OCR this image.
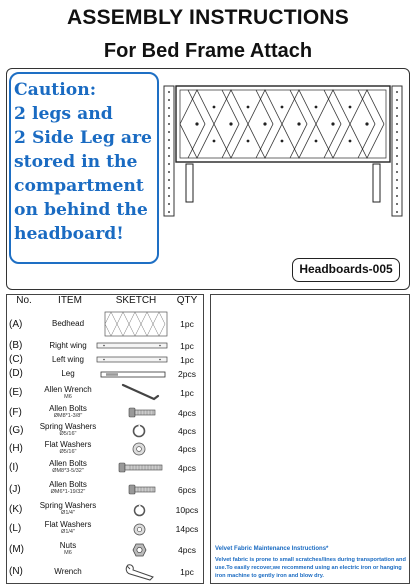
ASSEMBLY INSTRUCTIONS
For Bed Frame Attach
Caution:
2 legs and
2 Side Leg are
stored in the
compartment
on behind the
headboard!
Headboards-005
No.	ITEM	SKETCH	QTY
(A)	Bedhead	1pc
(B)	Right wing	1pc
(C)	Left wing	1pc
(D)	Leg	2pcs
(E)	Allen Wrench
M6	1pc
(F)	Allen Bolts
ØM8*1-3/8"	4pcs
(G)	Spring Washers
Ø5/16"	4pcs
(H)	Flat Washers
Ø5/16"	4pcs
(I)	Allen Bolts
ØM8*3-5/32"	4pcs
(J)	Allen Bolts
ØM6*1-19/32"	6pcs
(K)	Spring Washers
Ø1/4"	10pcs
(L)	Flat Washers
Ø1/4"	14pcs
(M)	Nuts
M6	4pcs
(N)	Wrench	1pc
Velvet Fabric Maintenance Instructions*
Velvet fabric is prone to small scratches/lines during transportation and use.To easily recover,we recommend using an electric iron or hanging iron machine to gently iron and blow dry.
